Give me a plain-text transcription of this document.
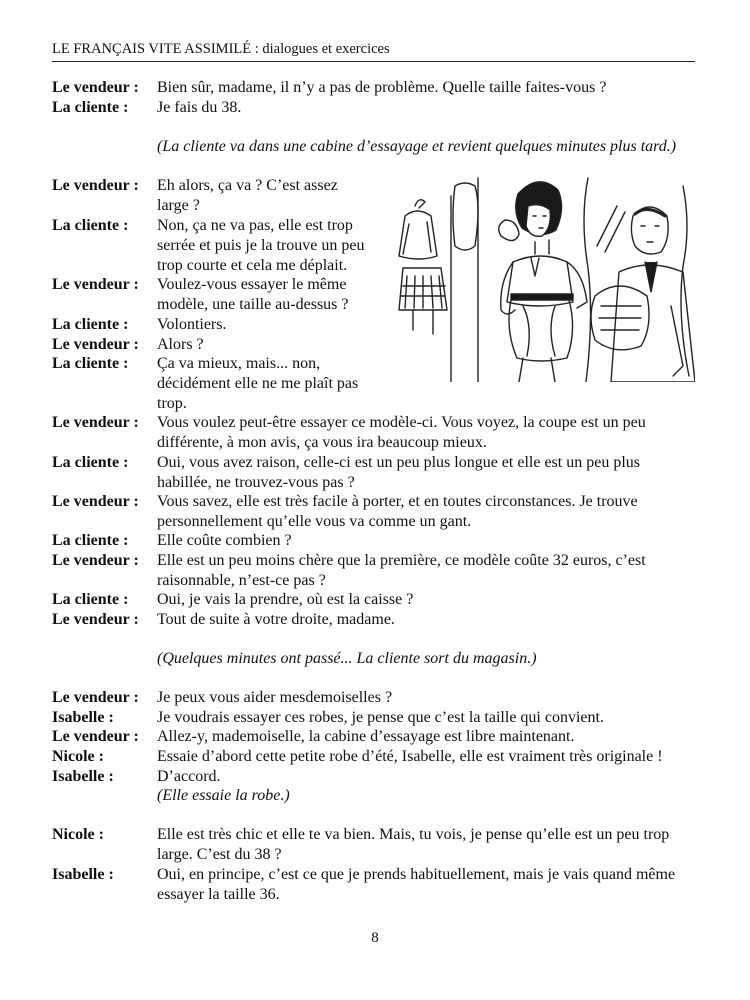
LE FRANÇAIS VITE ASSIMILÉ : dialogues et exercices
Le vendeur : Bien sûr, madame, il n’y a pas de problème. Quelle taille faites-vous ?
La cliente : Je fais du 38.
(La cliente va dans une cabine d’essayage et revient quelques minutes plus tard.)
Le vendeur : Eh alors, ça va ? C’est assez
large ?
La cliente : Non, ça ne va pas, elle est trop
serrée et puis je la trouve un peu
trop courte et cela me déplait.
Le vendeur : Voulez-vous essayer le même
modèle, une taille au-dessus ?
La cliente : Volontiers.
Le vendeur : Alors ?
La cliente : Ça va mieux, mais... non,
décidément elle ne me plaît pas
trop.
Le vendeur : Vous voulez peut-être essayer ce modèle-ci. Vous voyez, la coupe est un peu
différente, à mon avis, ça vous ira beaucoup mieux.
La cliente : Oui, vous avez raison, celle-ci est un peu plus longue et elle est un peu plus
habillée, ne trouvez-vous pas ?
Le vendeur : Vous savez, elle est très facile à porter, et en toutes circonstances. Je trouve
personnellement qu’elle vous va comme un gant.
La cliente : Elle coûte combien ?
Le vendeur : Elle est un peu moins chère que la première, ce modèle coûte 32 euros, c’est
raisonnable, n’est-ce pas ?
La cliente : Oui, je vais la prendre, où est la caisse ?
Le vendeur : Tout de suite à votre droite, madame.
(Quelques minutes ont passé... La cliente sort du magasin.)
Le vendeur : Je peux vous aider mesdemoiselles ?
Isabelle :	Je voudrais essayer ces robes, je pense que c’est la taille qui convient.
Le vendeur : Allez-y, mademoiselle, la cabine d’essayage est libre maintenant.
Nicole :	Essaie d’abord cette petite robe d’été, Isabelle, elle est vraiment très originale !
Isabelle :	D’accord.
(Elle essaie la robe.)
Nicole :	Elle est très chic et elle te va bien. Mais, tu vois, je pense qu’elle est un peu trop
large. C’est du 38 ?
Isabelle :	Oui, en principe, c’est ce que je prends habituellement, mais je vais quand même
essayer la taille 36.
8
